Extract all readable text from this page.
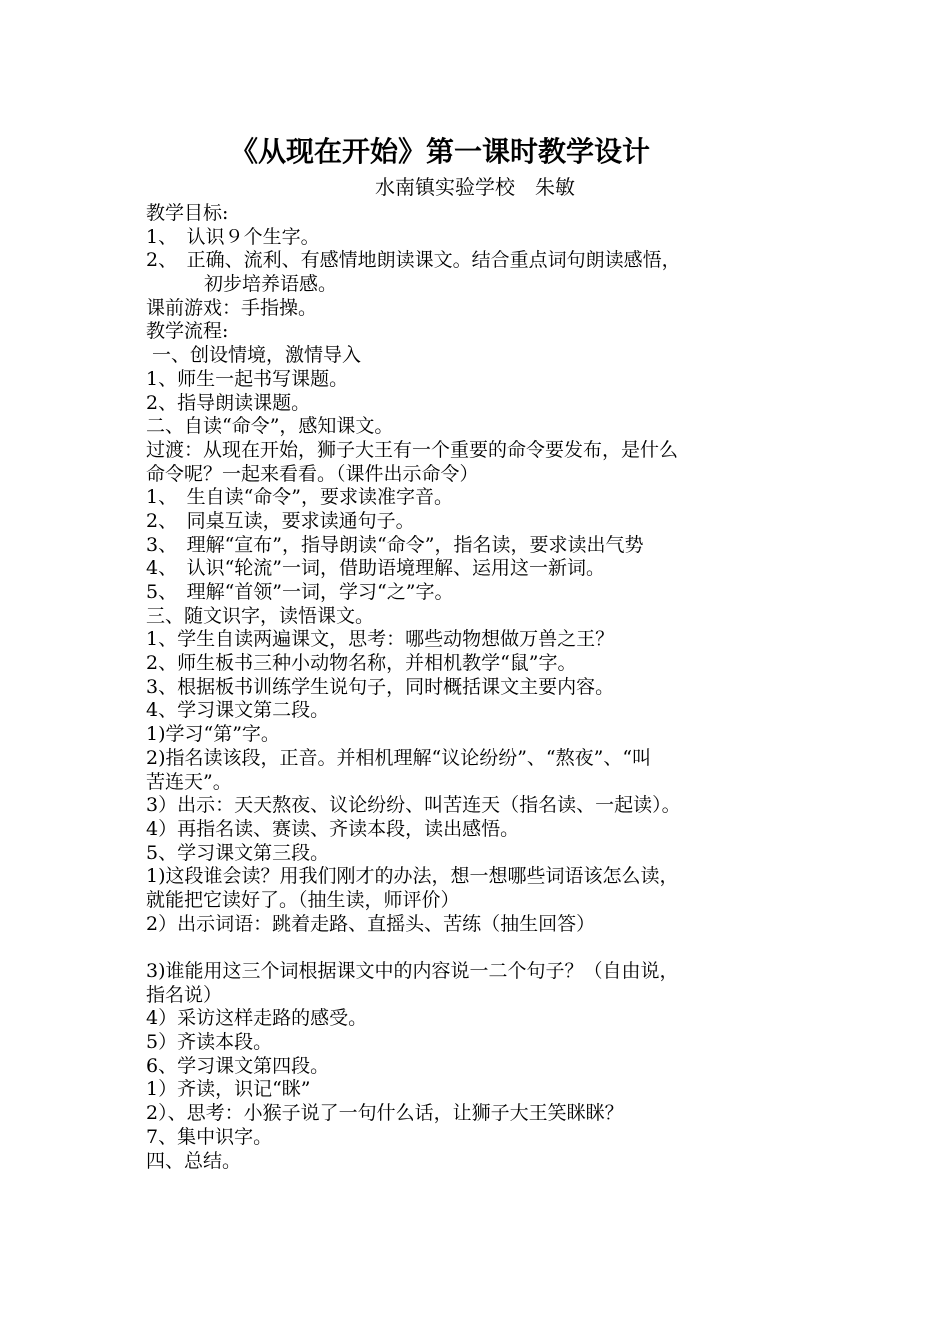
《从现在开始》第一课时教学设计
水南镇实验学校　朱敏
教学目标:
1、　认识９个生字。
2、　正确、流利、有感情地朗读课文。结合重点词句朗读感悟，
初步培养语感。
课前游戏：手指操。
教学流程:
一、创设情境，激情导入
1、师生一起书写课题。
2、指导朗读课题。
二、自读“命令”，感知课文。
过渡：从现在开始，狮子大王有一个重要的命令要发布，是什么
命令呢？一起来看看。（课件出示命令）
1、　生自读“命令”，要求读准字音。
2、　同桌互读，要求读通句子。
3、　理解“宣布”，指导朗读“命令”，指名读，要求读出气势
4、　认识“轮流”一词，借助语境理解、运用这一新词。
5、　理解“首领”一词，学习“之”字。
三、随文识字，读悟课文。
1、学生自读两遍课文，思考：哪些动物想做万兽之王？
2、师生板书三种小动物名称，并相机教学“鼠”字。
3、根据板书训练学生说句子，同时概括课文主要内容。
4、学习课文第二段。
1)学习“第”字。
2)指名读该段，正音。并相机理解“议论纷纷”、“熬夜”、“叫
苦连天”。
3）出示：天天熬夜、议论纷纷、叫苦连天（指名读、一起读）。
4）再指名读、赛读、齐读本段，读出感悟。
5、学习课文第三段。
1)这段谁会读？用我们刚才的办法，想一想哪些词语该怎么读，
就能把它读好了。（抽生读，师评价）
2）出示词语：跳着走路、直摇头、苦练（抽生回答）
3)谁能用这三个词根据课文中的内容说一二个句子？（自由说，
指名说）
4）采访这样走路的感受。
5）齐读本段。
6、学习课文第四段。
1）齐读，识记“眯”
2）、思考：小猴子说了一句什么话，让狮子大王笑眯眯？
7、集中识字。
四、总结。
